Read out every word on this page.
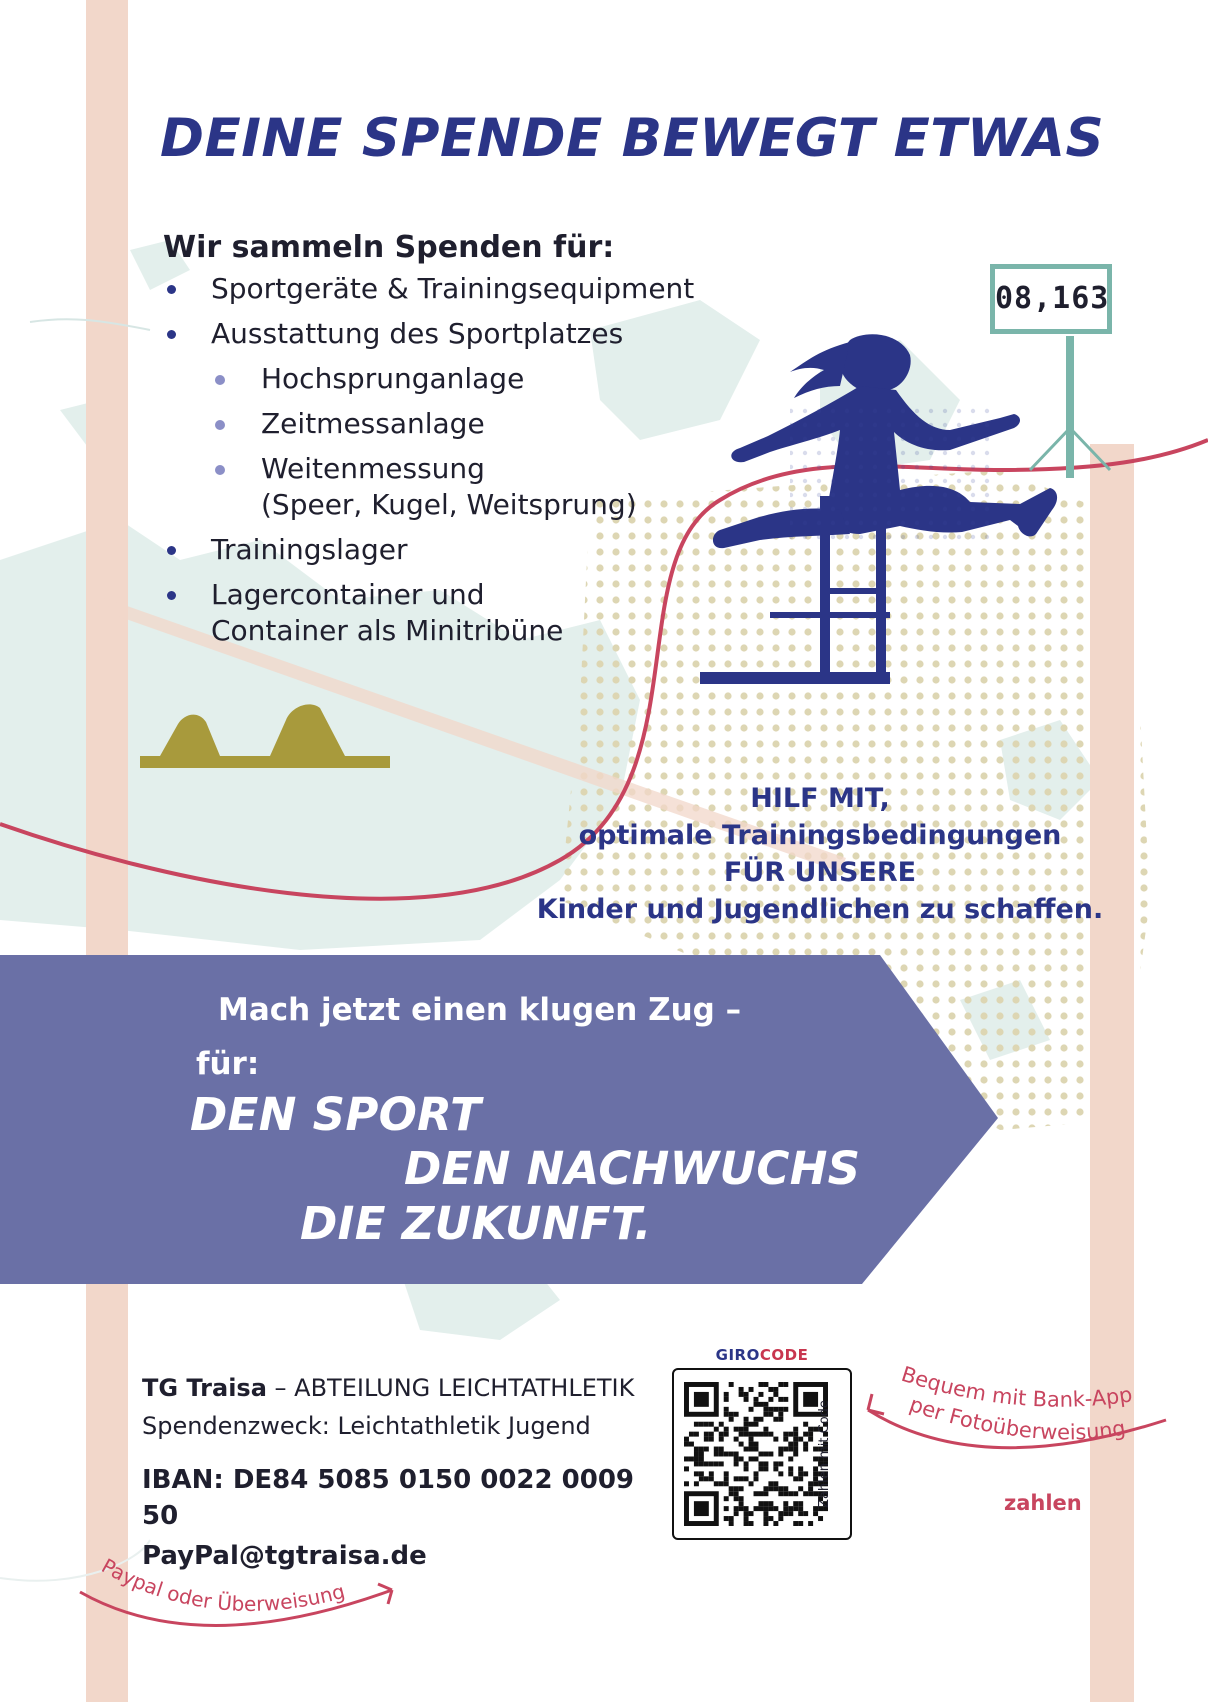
DEINE SPENDE BEWEGT ETWAS

Wir sammeln Spenden für:

Sportgeräte & Trainingsequipment
Ausstattung des Sportplatzes
Hochsprunganlage
Zeitmessanlage
Weitenmessung
(Speer, Kugel, Weitsprung)
Trainingslager
Lagercontainer und
Container als Minitribüne
08,163
HILF MIT,
optimale Trainingsbedingungen
FÜR UNSERE
Kinder und Jugendlichen zu schaffen.
Mach jetzt einen klugen Zug –
für:
DEN SPORT
DEN NACHWUCHS
DIE ZUKUNFT.

TG Traisa – ABTEILUNG LEICHTATHLETIK

Spendenzweck: Leichtathletik Jugend

IBAN: DE84 5085 0150 0022 0009 50

PayPal@tgtraisa.de

GIROCODE
Zahlen mit Code
Bequem mit Bank-App
per Fotoüberweisung
zahlen
Paypal oder Überweisung
